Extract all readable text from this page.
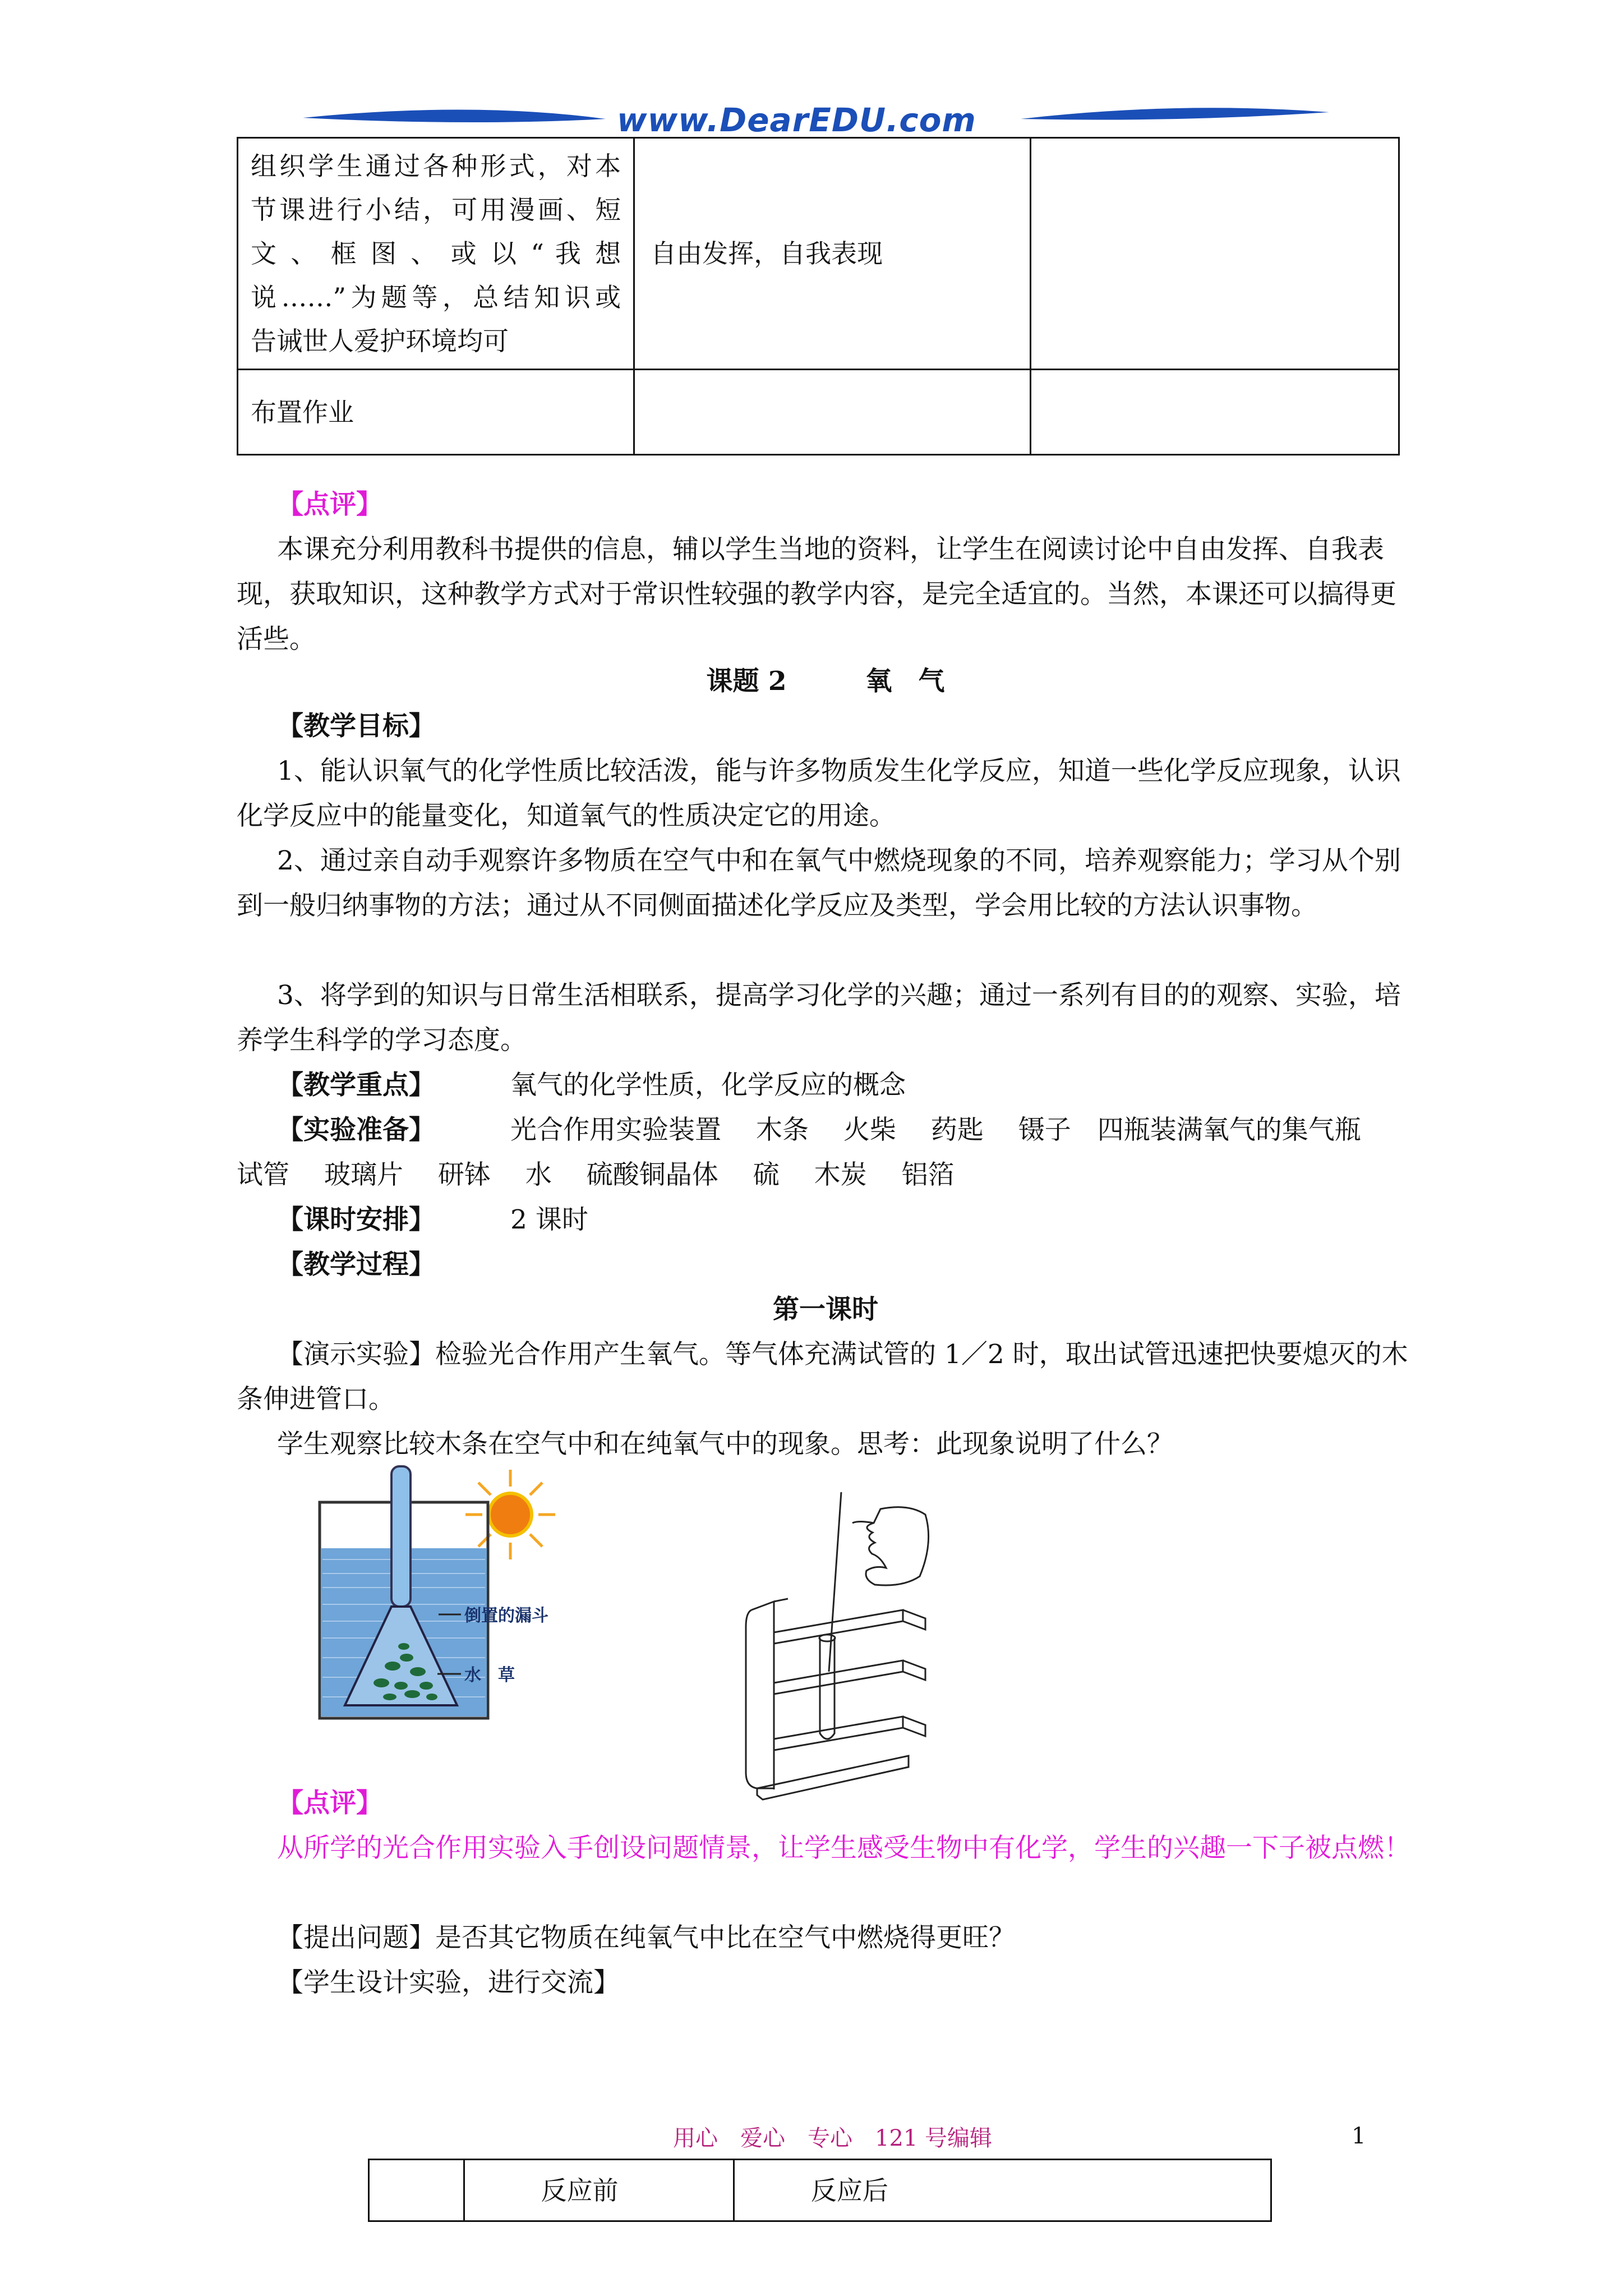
www.DearEDU.com
组织学生通过各种形式，对本
节课进行小结，可用漫画、短
文 、 框 图 、 或 以 “ 我 想
说……”为题等，总结知识或
告诫世人爱护环境均可	自由发挥，自我表现	
布置作业		
【点评】
本课充分利用教科书提供的信息，辅以学生当地的资料，让学生在阅读讨论中自由发挥、自我表现，获取知识，这种教学方式对于常识性较强的教学内容，是完全适宜的。当然，本课还可以搞得更活些。
课题 2　　　氧　气
【教学目标】
1、能认识氧气的化学性质比较活泼，能与许多物质发生化学反应，知道一些化学反应现象，认识化学反应中的能量变化，知道氧气的性质决定它的用途。
2、通过亲自动手观察许多物质在空气中和在氧气中燃烧现象的不同，培养观察能力；学习从个别到一般归纳事物的方法；通过从不同侧面描述化学反应及类型，学会用比较的方法认识事物。
3、将学到的知识与日常生活相联系，提高学习化学的兴趣；通过一系列有目的的观察、实验，培养学生科学的学习态度。
【教学重点】	氧气的化学性质，化学反应的概念
【实验准备】	光合作用实验装置　 木条　 火柴　 药匙　 镊子　四瓶装满氧气的集气瓶
试管　 玻璃片　 研钵　 水　 硫酸铜晶体　 硫　 木炭　 铝箔
【课时安排】	2 课时
【教学过程】
第一课时
【演示实验】检验光合作用产生氧气。等气体充满试管的 1／2 时，取出试管迅速把快要熄灭的木条伸进管口。
学生观察比较木条在空气中和在纯氧气中的现象。思考：此现象说明了什么？
倒置的漏斗
水　草
【点评】
从所学的光合作用实验入手创设问题情景，让学生感受生物中有化学，学生的兴趣一下子被点燃！
【提出问题】是否其它物质在纯氧气中比在空气中燃烧得更旺？
【学生设计实验，进行交流】
用心　爱心　专心　121 号编辑	1
	反应前	反应后
